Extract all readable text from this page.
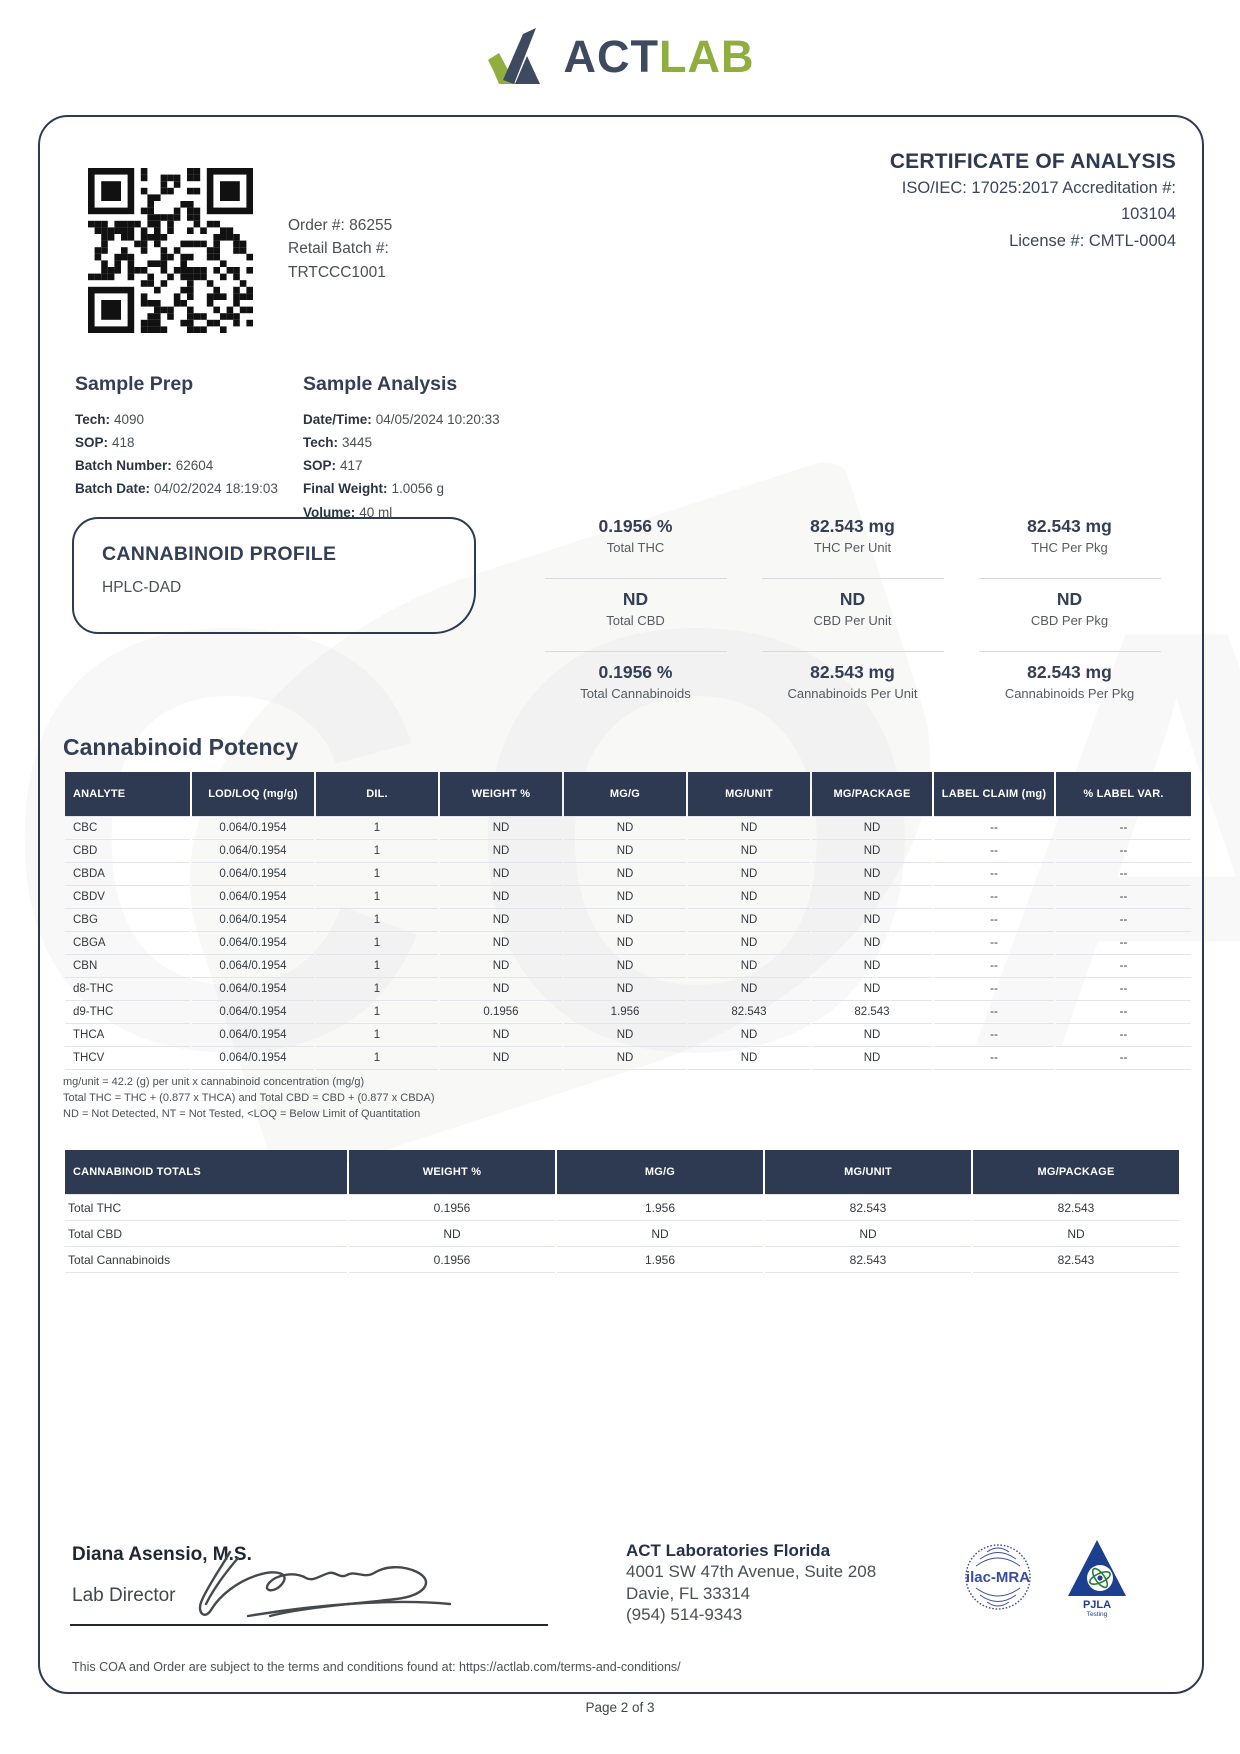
ACTLAB
Order #: 86255
Retail Batch #:
TRTCCC1001
CERTIFICATE OF ANALYSIS
ISO/IEC: 17025:2017 Accreditation #:
103104
License #: CMTL-0004
Sample Prep
Tech: 4090
SOP: 418
Batch Number: 62604
Batch Date: 04/02/2024 18:19:03
Sample Analysis
Date/Time: 04/05/2024 10:20:33
Tech: 3445
SOP: 417
Final Weight: 1.0056 g
Volume: 40 ml
CANNABINOID PROFILE
HPLC-DAD
0.1956 %
Total THC
82.543 mg
THC Per Unit
82.543 mg
THC Per Pkg
ND
Total CBD
ND
CBD Per Unit
ND
CBD Per Pkg
0.1956 %
Total Cannabinoids
82.543 mg
Cannabinoids Per Unit
82.543 mg
Cannabinoids Per Pkg
Cannabinoid Potency
ANALYTE	LOD/LOQ (mg/g)	DIL.	WEIGHT %	MG/G	MG/UNIT	MG/PACKAGE	LABEL CLAIM (mg)	% LABEL VAR.
CBC	0.064/0.1954	1	ND	ND	ND	ND	--	--
CBD	0.064/0.1954	1	ND	ND	ND	ND	--	--
CBDA	0.064/0.1954	1	ND	ND	ND	ND	--	--
CBDV	0.064/0.1954	1	ND	ND	ND	ND	--	--
CBG	0.064/0.1954	1	ND	ND	ND	ND	--	--
CBGA	0.064/0.1954	1	ND	ND	ND	ND	--	--
CBN	0.064/0.1954	1	ND	ND	ND	ND	--	--
d8-THC	0.064/0.1954	1	ND	ND	ND	ND	--	--
d9-THC	0.064/0.1954	1	0.1956	1.956	82.543	82.543	--	--
THCA	0.064/0.1954	1	ND	ND	ND	ND	--	--
THCV	0.064/0.1954	1	ND	ND	ND	ND	--	--
mg/unit = 42.2 (g) per unit x cannabinoid concentration (mg/g)
Total THC = THC + (0.877 x THCA) and Total CBD = CBD + (0.877 x CBDA)
ND = Not Detected, NT = Not Tested, <LOQ = Below Limit of Quantitation
CANNABINOID TOTALS	WEIGHT %	MG/G	MG/UNIT	MG/PACKAGE
Total THC	0.1956	1.956	82.543	82.543
Total CBD	ND	ND	ND	ND
Total Cannabinoids	0.1956	1.956	82.543	82.543
Diana Asensio, M.S.
Lab Director
ACT Laboratories Florida
4001 SW 47th Avenue, Suite 208
Davie, FL 33314
(954) 514-9343
ilac-MRA
PJLA
Testing
This COA and Order are subject to the terms and conditions found at: https://actlab.com/terms-and-conditions/
Page 2 of 3
